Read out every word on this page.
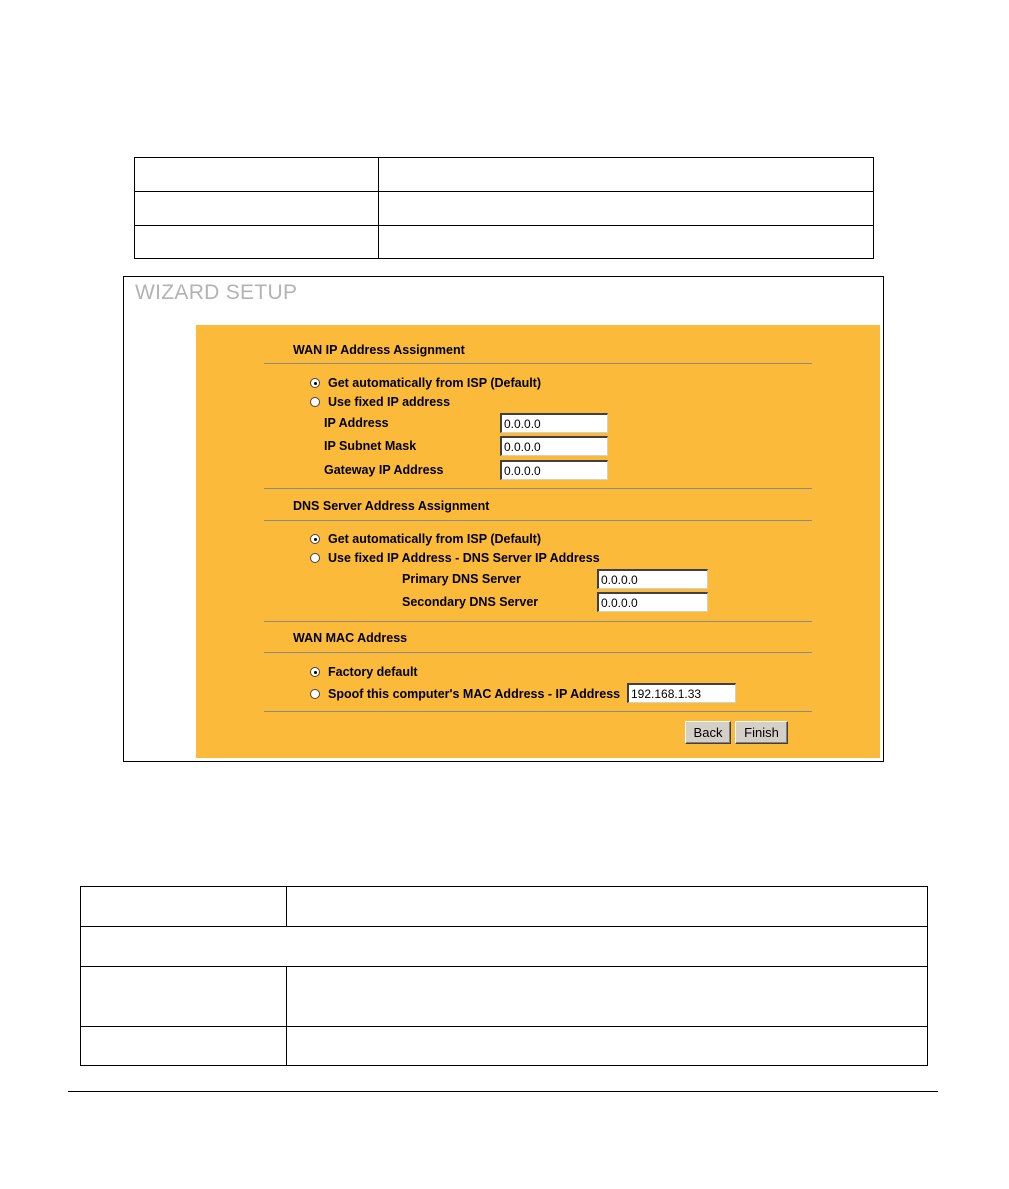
WIZARD SETUP
WAN IP Address Assignment
Get automatically from ISP (Default)
Use fixed IP address
IP Address
0.0.0.0
IP Subnet Mask
0.0.0.0
Gateway IP Address
0.0.0.0
DNS Server Address Assignment
Get automatically from ISP (Default)
Use fixed IP Address - DNS Server IP Address
Primary DNS Server
0.0.0.0
Secondary DNS Server
0.0.0.0
WAN MAC Address
Factory default
Spoof this computer's MAC Address - IP Address
192.168.1.33
Back	Finish
